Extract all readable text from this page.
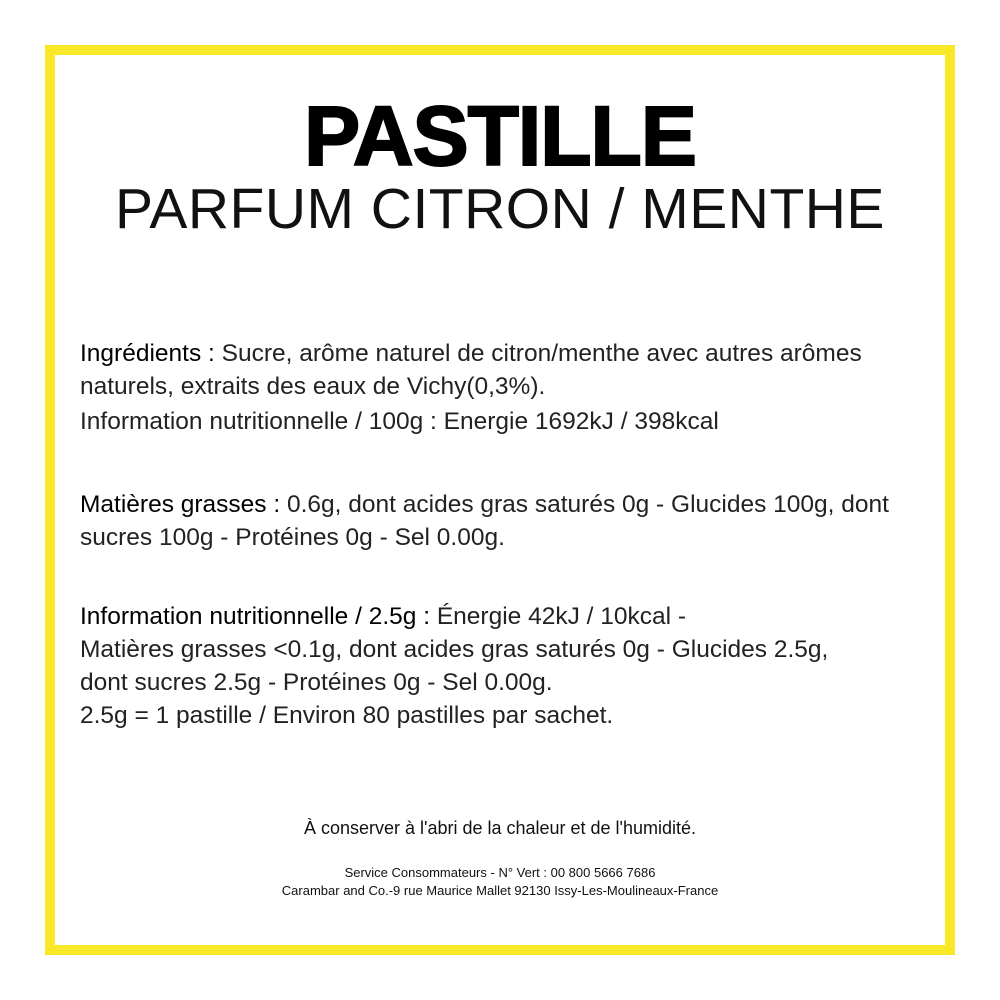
PASTILLE
PARFUM CITRON / MENTHE
Ingrédients : Sucre, arôme naturel de citron/menthe avec autres arômes naturels, extraits des eaux de Vichy(0,3%).
Information nutritionnelle / 100g : Energie 1692kJ / 398kcal
Matières grasses : 0.6g, dont acides gras saturés 0g - Glucides 100g, dont sucres 100g - Protéines 0g - Sel 0.00g.
Information nutritionnelle / 2.5g : Énergie 42kJ / 10kcal -
Matières grasses <0.1g, dont acides gras saturés 0g - Glucides 2.5g,
dont sucres 2.5g - Protéines 0g - Sel 0.00g.
2.5g = 1 pastille / Environ 80 pastilles par sachet.
À conserver à l'abri de la chaleur et de l'humidité.
Service Consommateurs - N° Vert : 00 800 5666 7686
Carambar and Co.-9 rue Maurice Mallet 92130 Issy-Les-Moulineaux-France
